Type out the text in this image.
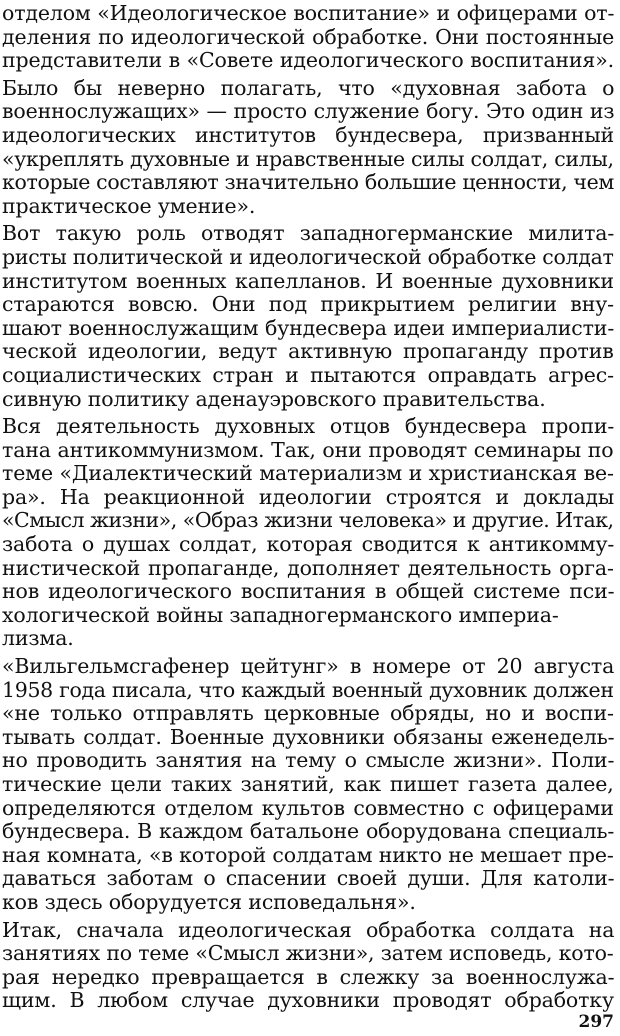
отделом «Идеологическое воспитание» и офицерами от-
деления по идеологической обработке. Они постоянные
представители в «Совете идеологического воспитания».
Было бы неверно полагать, что «духовная забота о
военнослужащих» — просто служение богу. Это один из
идеологических институтов бундесвера, призванный
«укреплять духовные и нравственные силы солдат, силы,
которые составляют значительно большие ценности, чем
практическое умение».
Вот такую роль отводят западногерманские милита-
ристы политической и идеологической обработке солдат
институтом военных капелланов. И военные духовники
стараются вовсю. Они под прикрытием религии вну-
шают военнослужащим бундесвера идеи империалисти-
ческой идеологии, ведут активную пропаганду против
социалистических стран и пытаются оправдать агрес-
сивную политику аденауэровского правительства.
Вся деятельность духовных отцов бундесвера пропи-
тана антикоммунизмом. Так, они проводят семинары по
теме «Диалектический материализм и христианская ве-
ра». На реакционной идеологии строятся и доклады
«Смысл жизни», «Образ жизни человека» и другие. Итак,
забота о душах солдат, которая сводится к антикомму-
нистической пропаганде, дополняет деятельность орга-
нов идеологического воспитания в общей системе пси-
хологической войны западногерманского империа-
лизма.
«Вильгельмсгафенер цейтунг» в номере от 20 августа
1958 года писала, что каждый военный духовник должен
«не только отправлять церковные обряды, но и воспи-
тывать солдат. Военные духовники обязаны еженедель-
но проводить занятия на тему о смысле жизни». Поли-
тические цели таких занятий, как пишет газета далее,
определяются отделом культов совместно с офицерами
бундесвера. В каждом батальоне оборудована специаль-
ная комната, «в которой солдатам никто не мешает пре-
даваться заботам о спасении своей души. Для католи-
ков здесь оборудуется исповедальня».
Итак, сначала идеологическая обработка солдата на
занятиях по теме «Смысл жизни», затем исповедь, кото-
рая нередко превращается в слежку за военнослужа-
щим. В любом случае духовники проводят обработку
297
